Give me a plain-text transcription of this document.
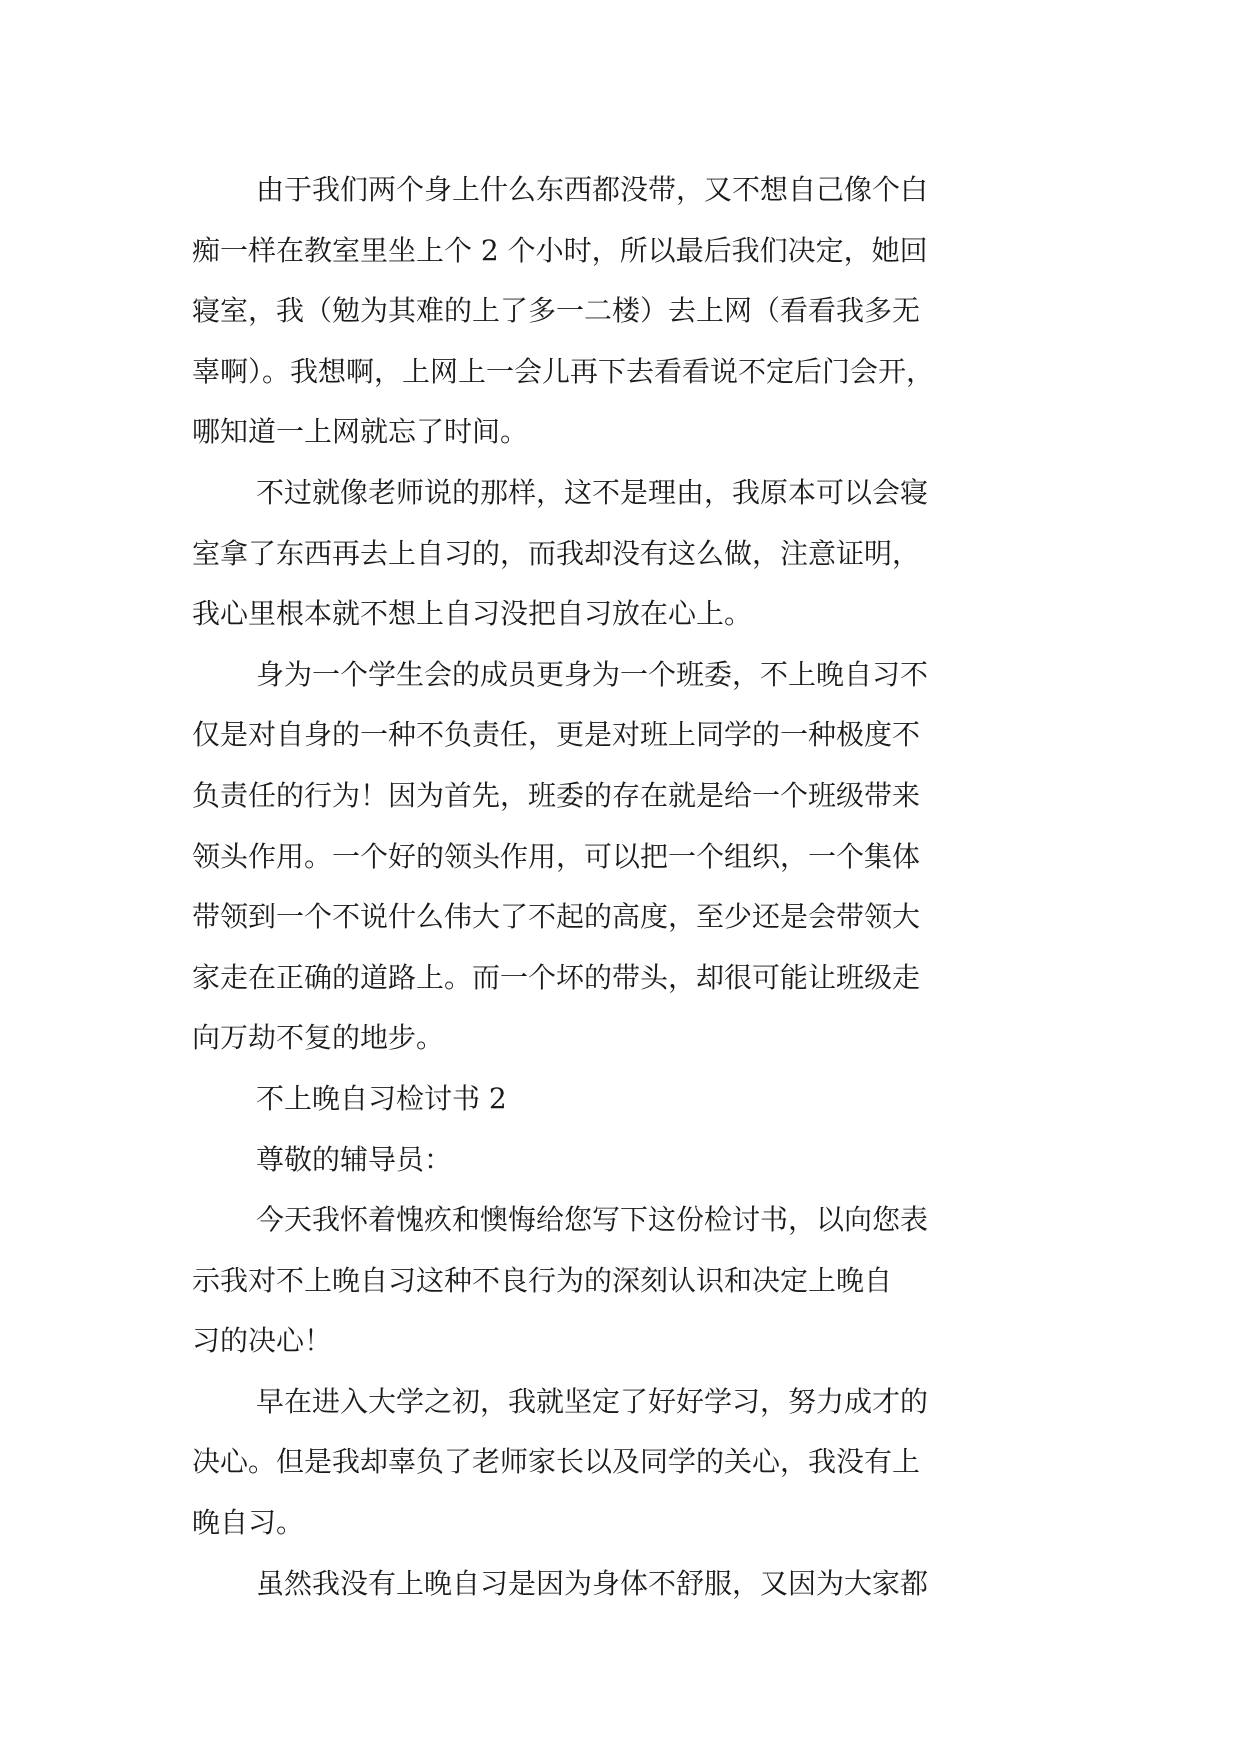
由于我们两个身上什么东西都没带，又不想自己像个白
痴一样在教室里坐上个 2 个小时，所以最后我们决定，她回
寝室，我（勉为其难的上了多一二楼）去上网（看看我多无
辜啊）。我想啊，上网上一会儿再下去看看说不定后门会开，
哪知道一上网就忘了时间。
不过就像老师说的那样，这不是理由，我原本可以会寝
室拿了东西再去上自习的，而我却没有这么做，注意证明，
我心里根本就不想上自习没把自习放在心上。
身为一个学生会的成员更身为一个班委，不上晚自习不
仅是对自身的一种不负责任，更是对班上同学的一种极度不
负责任的行为！因为首先，班委的存在就是给一个班级带来
领头作用。一个好的领头作用，可以把一个组织，一个集体
带领到一个不说什么伟大了不起的高度，至少还是会带领大
家走在正确的道路上。而一个坏的带头，却很可能让班级走
向万劫不复的地步。
不上晚自习检讨书 2
尊敬的辅导员：
今天我怀着愧疚和懊悔给您写下这份检讨书，以向您表
示我对不上晚自习这种不良行为的深刻认识和决定上晚自
习的决心！
早在进入大学之初，我就坚定了好好学习，努力成才的
决心。但是我却辜负了老师家长以及同学的关心，我没有上
晚自习。
虽然我没有上晚自习是因为身体不舒服，又因为大家都
